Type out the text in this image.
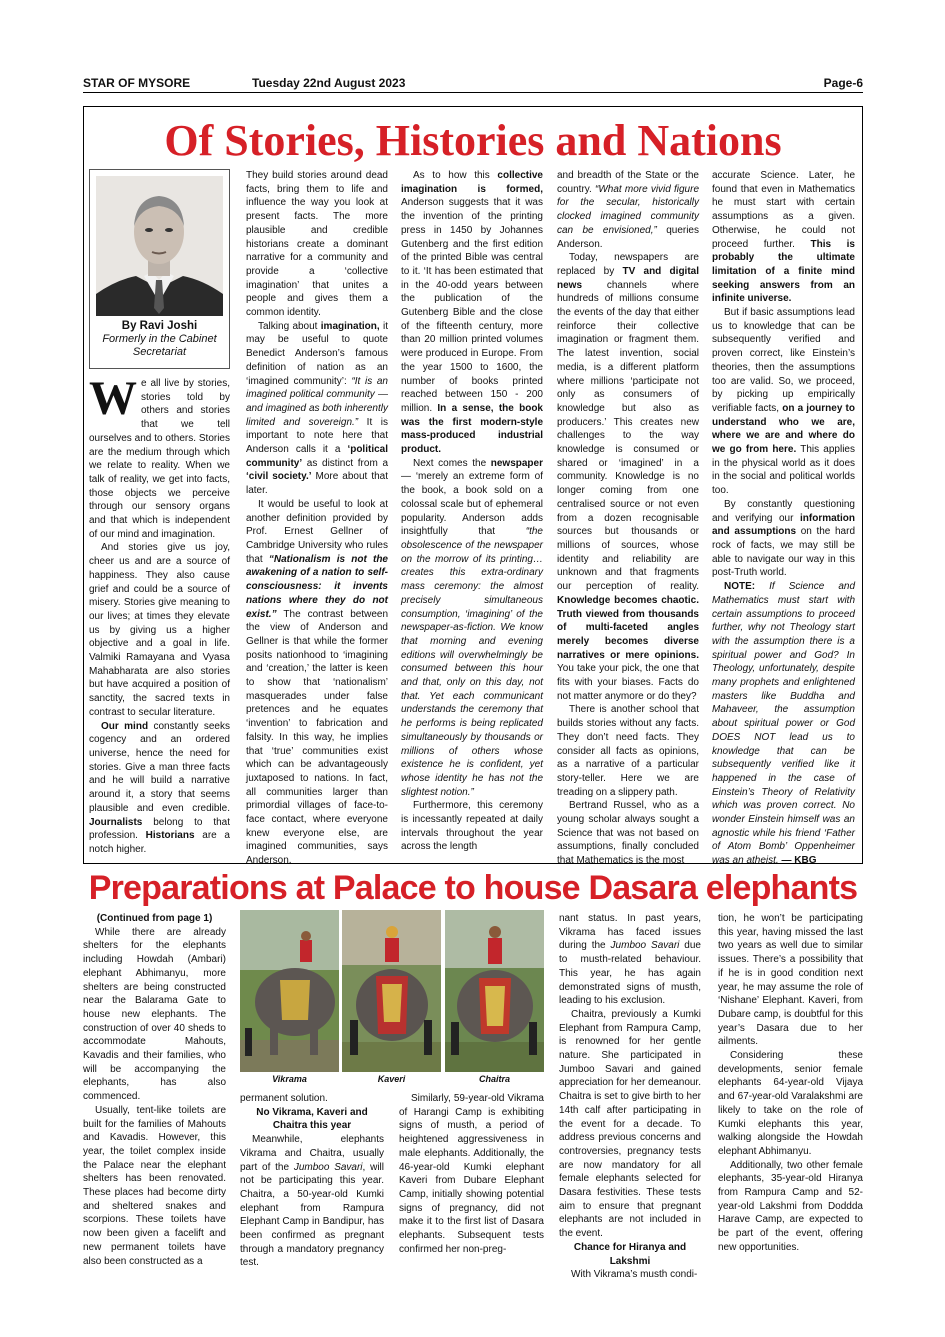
STAR OF MYSORE	Tuesday 22nd August 2023	Page-6
Of Stories, Histories and Nations
By Ravi Joshi
Formerly in the Cabinet
Secretariat

We all live by stories, stories told by others and stories that we tell ourselves and to others. Stories are the medium through which we relate to reality. When we talk of reality, we get into facts, those objects we perceive through our sensory organs and that which is independent of our mind and imagination.

And stories give us joy, cheer us and are a source of happiness. They also cause grief and could be a source of misery. Stories give meaning to our lives; at times they elevate us by giving us a higher objective and a goal in life. Valmiki Ramayana and Vyasa Mahabharata are also stories but have acquired a position of sanctity, the sacred texts in contrast to secular literature.

Our mind constantly seeks cogency and an ordered universe, hence the need for stories. Give a man three facts and he will build a narrative around it, a story that seems plausible and even credible. Journalists belong to that profession. Historians are a notch higher.

They build stories around dead facts, bring them to life and influence the way you look at present facts. The more plausible and credible historians create a dominant narrative for a community and provide a ‘collective imagination’ that unites a people and gives them a common identity.

Talking about imagination, it may be useful to quote Benedict Anderson’s famous definition of nation as an ‘imagined community’: “It is an imagined political community — and imagined as both inherently limited and sovereign.” It is important to note here that Anderson calls it a ‘political community’ as distinct from a ‘civil society.’ More about that later.

It would be useful to look at another definition provided by Prof. Ernest Gellner of Cambridge University who rules that “Nationalism is not the awakening of a nation to self-consciousness: it invents nations where they do not exist.” The contrast between the view of Anderson and Gellner is that while the former posits nationhood to ‘imagining and ‘creation,’ the latter is keen to show that ‘nationalism’ masquerades under false pretences and he equates ‘invention’ to fabrication and falsity. In this way, he implies that ‘true’ communities exist which can be advantageously juxtaposed to nations. In fact, all communities larger than primordial villages of face-to-face contact, where everyone knew everyone else, are imagined communities, says Anderson.

As to how this collective imagination is formed, Anderson suggests that it was the invention of the printing press in 1450 by Johannes Gutenberg and the first edition of the printed Bible was central to it. ‘It has been estimated that in the 40-odd years between the publication of the Gutenberg Bible and the close of the fifteenth century, more than 20 million printed volumes were produced in Europe. From the year 1500 to 1600, the number of books printed reached between 150 - 200 million. In a sense, the book was the first modern-style mass-produced industrial product.

Next comes the newspaper — ‘merely an extreme form of the book, a book sold on a colossal scale but of ephemeral popularity. Anderson adds insightfully that “the obsolescence of the newspaper on the morrow of its printing… creates this extra-ordinary mass ceremony: the almost precisely simultaneous consumption, ‘imagining’ of the newspaper-as-fiction. We know that morning and evening editions will overwhelmingly be consumed between this hour and that, only on this day, not that. Yet each communicant understands the ceremony that he performs is being replicated simultaneously by thousands or millions of others whose existence he is confident, yet whose identity he has not the slightest notion.”

Furthermore, this ceremony is incessantly repeated at daily intervals throughout the year across the length

and breadth of the State or the country. “What more vivid figure for the secular, historically clocked imagined community can be envisioned,” queries Anderson.

Today, newspapers are replaced by TV and digital news channels where hundreds of millions consume the events of the day that either reinforce their collective imagination or fragment them. The latest invention, social media, is a different platform where millions ‘participate not only as consumers of knowledge but also as producers.’ This creates new challenges to the way knowledge is consumed or shared or ‘imagined’ in a community. Knowledge is no longer coming from one centralised source or not even from a dozen recognisable sources but thousands or millions of sources, whose identity and reliability are unknown and that fragments our perception of reality. Knowledge becomes chaotic. Truth viewed from thousands of multi-faceted angles merely becomes diverse narratives or mere opinions. You take your pick, the one that fits with your biases. Facts do not matter anymore or do they?

There is another school that builds stories without any facts. They don’t need facts. They consider all facts as opinions, as a narrative of a particular story-teller. Here we are treading on a slippery path.

Bertrand Russel, who as a young scholar always sought a Science that was not based on assumptions, finally concluded that Mathematics is the most

accurate Science. Later, he found that even in Mathematics he must start with certain assumptions as a given. Otherwise, he could not proceed further. This is probably the ultimate limitation of a finite mind seeking answers from an infinite universe.

But if basic assumptions lead us to knowledge that can be subsequently verified and proven correct, like Einstein’s theories, then the assumptions too are valid. So, we proceed, by picking up empirically verifiable facts, on a journey to understand who we are, where we are and where do we go from here. This applies in the physical world as it does in the social and political worlds too.

By constantly questioning and verifying our information and assumptions on the hard rock of facts, we may still be able to navigate our way in this post-Truth world.

NOTE: If Science and Mathematics must start with certain assumptions to proceed further, why not Theology start with the assumption there is a spiritual power and God? In Theology, unfortunately, despite many prophets and enlightened masters like Buddha and Mahaveer, the assumption about spiritual power or God DOES NOT lead us to knowledge that can be subsequently verified like it happened in the case of Einstein’s Theory of Relativity which was proven correct. No wonder Einstein himself was an agnostic while his friend ‘Father of Atom Bomb’ Oppenheimer was an atheist. — KBG

Preparations at Palace to house Dasara elephants

(Continued from page 1)

While there are already shelters for the elephants including Howdah (Ambari) elephant Abhimanyu, more shelters are being constructed near the Balarama Gate to house new elephants. The construction of over 40 sheds to accommodate Mahouts, Kavadis and their families, who will be accompanying the elephants, has also commenced.

Usually, tent-like toilets are built for the families of Mahouts and Kavadis. However, this year, the toilet complex inside the Palace near the elephant shelters has been renovated. These places had become dirty and sheltered snakes and scorpions. These toilets have now been given a facelift and new permanent toilets have also been constructed as a

Vikrama	Kaveri	Chaitra

permanent solution.

No Vikrama, Kaveri and Chaitra this year

Meanwhile, elephants Vikrama and Chaitra, usually part of the Jumboo Savari, will not be participating this year. Chaitra, a 50-year-old Kumki elephant from Rampura Elephant Camp in Bandipur, has been confirmed as pregnant through a mandatory pregnancy test.

Similarly, 59-year-old Vikrama of Harangi Camp is exhibiting signs of musth, a period of heightened aggressiveness in male elephants. Additionally, the 46-year-old Kumki elephant Kaveri from Dubare Elephant Camp, initially showing potential signs of pregnancy, did not make it to the first list of Dasara elephants. Subsequent tests confirmed her non-preg-

nant status. In past years, Vikrama has faced issues during the Jumboo Savari due to musth-related behaviour. This year, he has again demonstrated signs of musth, leading to his exclusion.

Chaitra, previously a Kumki Elephant from Rampura Camp, is renowned for her gentle nature. She participated in Jumboo Savari and gained appreciation for her demeanour. Chaitra is set to give birth to her 14th calf after participating in the event for a decade. To address previous concerns and controversies, pregnancy tests are now mandatory for all female elephants selected for Dasara festivities. These tests aim to ensure that pregnant elephants are not included in the event.

Chance for Hiranya and Lakshmi

With Vikrama’s musth condi-

tion, he won’t be participating this year, having missed the last two years as well due to similar issues. There’s a possibility that if he is in good condition next year, he may assume the role of ‘Nishane’ Elephant. Kaveri, from Dubare camp, is doubtful for this year’s Dasara due to her ailments.

Considering these developments, senior female elephants 64-year-old Vijaya and 67-year-old Varalakshmi are likely to take on the role of Kumki elephants this year, walking alongside the Howdah elephant Abhimanyu.

Additionally, two other female elephants, 35-year-old Hiranya from Rampura Camp and 52-year-old Lakshmi from Doddda Harave Camp, are expected to be part of the event, offering new opportunities.
